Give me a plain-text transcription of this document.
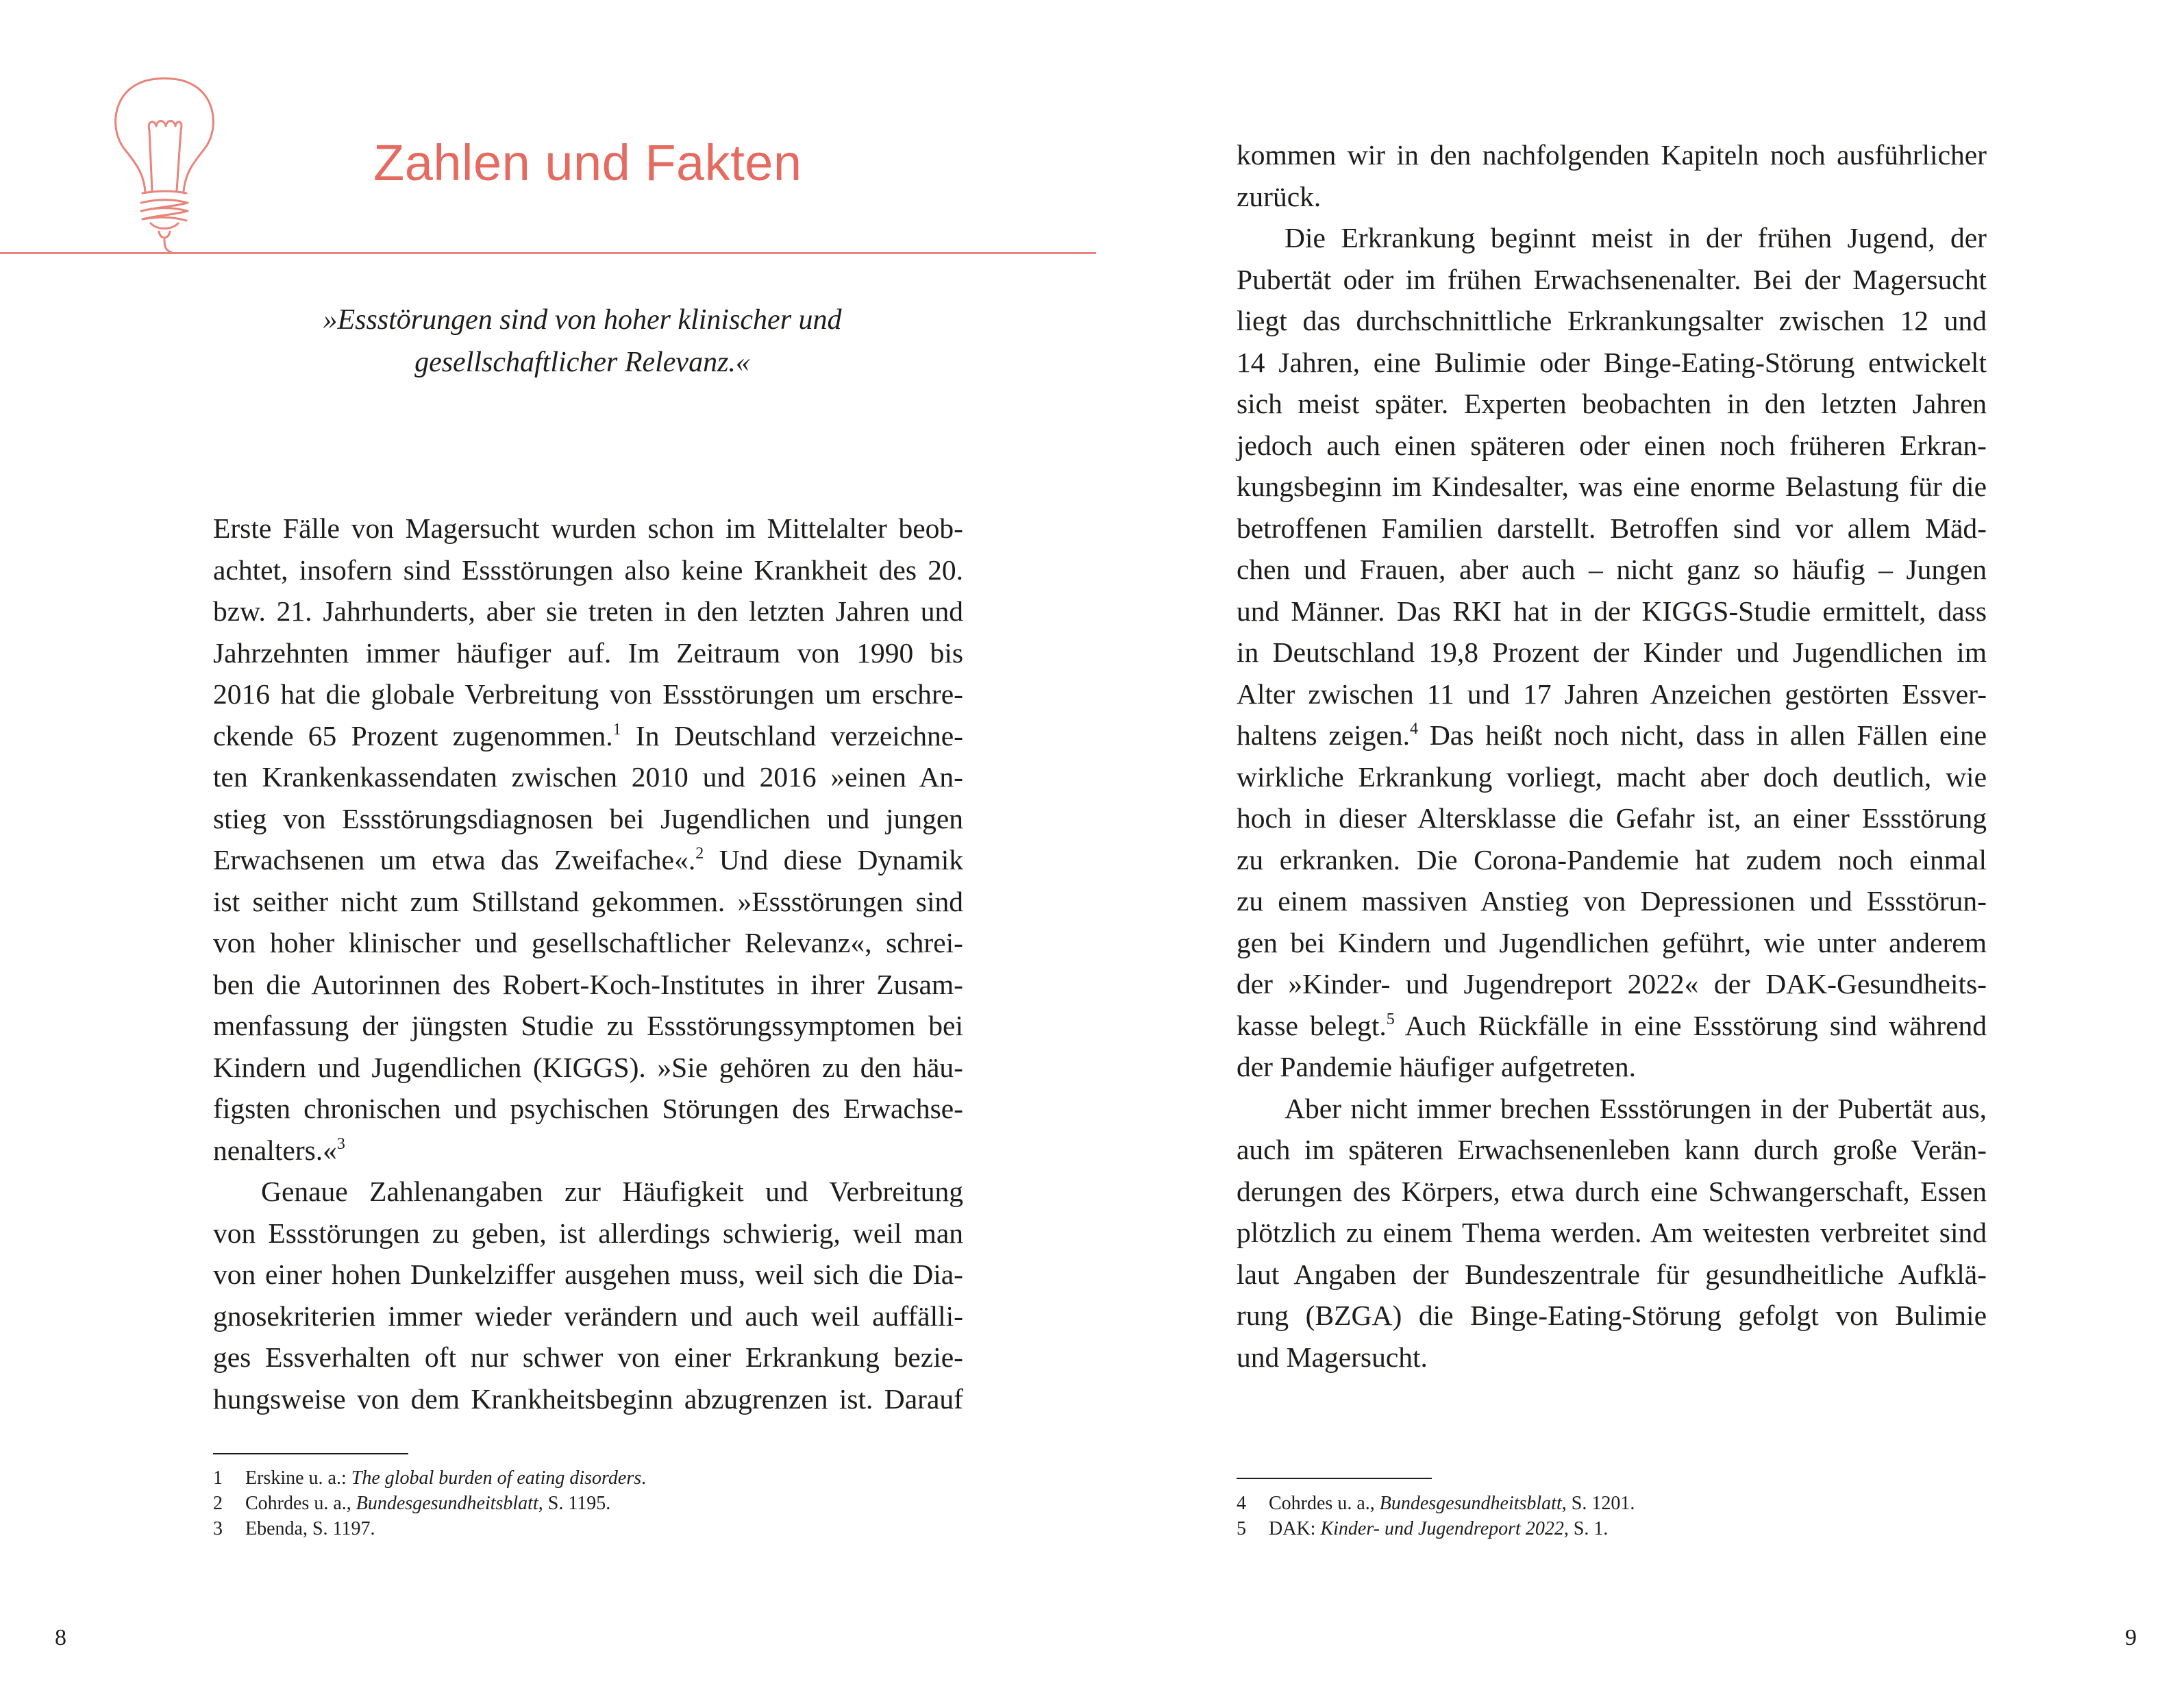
Zahlen und Fakten
»Essstörungen sind von hoher klinischer und
gesellschaftlicher Relevanz.«
Erste Fälle von Magersucht wurden schon im Mittelalter beob-
achtet, insofern sind Essstörungen also keine Krankheit des 20.
bzw. 21. Jahrhunderts, aber sie treten in den letzten Jahren und
Jahrzehnten immer häufiger auf. Im Zeitraum von 1990 bis
2016 hat die globale Verbreitung von Essstörungen um erschre-
ckende 65 Prozent zugenommen.$^1$ In Deutschland verzeichne-
ten Krankenkassendaten zwischen 2010 und 2016 »einen An-
stieg von Essstörungsdiagnosen bei Jugendlichen und jungen
Erwachsenen um etwa das Zweifache«.$^2$ Und diese Dynamik
ist seither nicht zum Stillstand gekommen. »Essstörungen sind
von hoher klinischer und gesellschaftlicher Relevanz«, schrei-
ben die Autorinnen des Robert-Koch-Institutes in ihrer Zusam-
menfassung der jüngsten Studie zu Essstörungssymptomen bei
Kindern und Jugendlichen (KIGGS). »Sie gehören zu den häu-
figsten chronischen und psychischen Störungen des Erwachse-
nenalters.«$^3$
Genaue Zahlenangaben zur Häufigkeit und Verbreitung
von Essstörungen zu geben, ist allerdings schwierig, weil man
von einer hohen Dunkelziffer ausgehen muss, weil sich die Dia-
gnosekriterien immer wieder verändern und auch weil auffälli-
ges Essverhalten oft nur schwer von einer Erkrankung bezie-
hungsweise von dem Krankheitsbeginn abzugrenzen ist. Darauf
1 Erskine u. a.: The global burden of eating disorders.
2 Cohrdes u. a., Bundesgesundheitsblatt, S. 1195.
3 Ebenda, S. 1197.
8
kommen wir in den nachfolgenden Kapiteln noch ausführlicher
zurück.
Die Erkrankung beginnt meist in der frühen Jugend, der
Pubertät oder im frühen Erwachsenenalter. Bei der Magersucht
liegt das durchschnittliche Erkrankungsalter zwischen 12 und
14 Jahren, eine Bulimie oder Binge-Eating-Störung entwickelt
sich meist später. Experten beobachten in den letzten Jahren
jedoch auch einen späteren oder einen noch früheren Erkran-
kungsbeginn im Kindesalter, was eine enorme Belastung für die
betroffenen Familien darstellt. Betroffen sind vor allem Mäd-
chen und Frauen, aber auch – nicht ganz so häufig – Jungen
und Männer. Das RKI hat in der KIGGS-Studie ermittelt, dass
in Deutschland 19,8 Prozent der Kinder und Jugendlichen im
Alter zwischen 11 und 17 Jahren Anzeichen gestörten Essver-
haltens zeigen.$^4$ Das heißt noch nicht, dass in allen Fällen eine
wirkliche Erkrankung vorliegt, macht aber doch deutlich, wie
hoch in dieser Altersklasse die Gefahr ist, an einer Essstörung
zu erkranken. Die Corona-Pandemie hat zudem noch einmal
zu einem massiven Anstieg von Depressionen und Essstörun-
gen bei Kindern und Jugendlichen geführt, wie unter anderem
der »Kinder- und Jugendreport 2022« der DAK-Gesundheits-
kasse belegt.$^5$ Auch Rückfälle in eine Essstörung sind während
der Pandemie häufiger aufgetreten.
Aber nicht immer brechen Essstörungen in der Pubertät aus,
auch im späteren Erwachsenenleben kann durch große Verän-
derungen des Körpers, etwa durch eine Schwangerschaft, Essen
plötzlich zu einem Thema werden. Am weitesten verbreitet sind
laut Angaben der Bundeszentrale für gesundheitliche Aufklä-
rung (BZGA) die Binge-Eating-Störung gefolgt von Bulimie
und Magersucht.
4 Cohrdes u. a., Bundesgesundheitsblatt, S. 1201.
5 DAK: Kinder- und Jugendreport 2022, S. 1.
9
